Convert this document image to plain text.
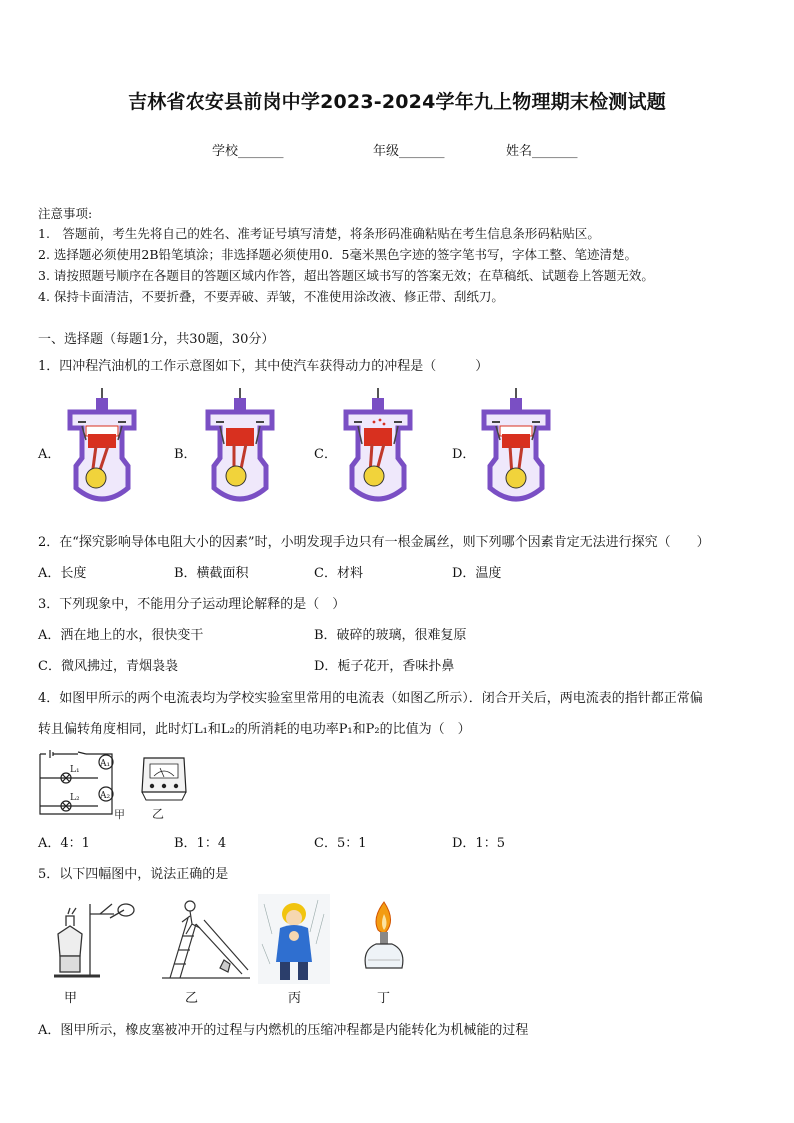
吉林省农安县前岗中学2023-2024学年九上物理期末检测试题
学校_______	年级_______	姓名_______
注意事项:
1.　答题前，考生先将自己的姓名、准考证号填写清楚，将条形码准确粘贴在考生信息条形码粘贴区。
2. 选择题必须使用2B铅笔填涂；非选择题必须使用0．5毫米黑色字迹的签字笔书写，字体工整、笔迹清楚。
3. 请按照题号顺序在各题目的答题区域内作答，超出答题区域书写的答案无效；在草稿纸、试题卷上答题无效。
4. 保持卡面清洁，不要折叠，不要弄破、弄皱，不准使用涂改液、修正带、刮纸刀。
一、选择题（每题1分，共30题，30分）
1．四冲程汽油机的工作示意图如下，其中使汽车获得动力的冲程是（　　　）
A．	B．	C．	D．
2．在“探究影响导体电阻大小的因素”时，小明发现手边只有一根金属丝，则下列哪个因素肯定无法进行探究（　　）
A．长度	B．横截面积	C．材料	D．温度
3．下列现象中，不能用分子运动理论解释的是（　）
A．洒在地上的水，很快变干	B．破碎的玻璃，很难复原
C．微风拂过，青烟袅袅	D．栀子花开，香味扑鼻
4．如图甲所示的两个电流表均为学校实验室里常用的电流表（如图乙所示）．闭合开关后，两电流表的指针都正常偏
转且偏转角度相同，此时灯L₁和L₂的所消耗的电功率P₁和P₂的比值为（　）
A₁
A₂
L₁
L₂
甲 乙
A．4：1	B．1：4	C．5：1	D．1：5
5．以下四幅图中，说法正确的是
甲	乙	丙	丁
A．图甲所示，橡皮塞被冲开的过程与内燃机的压缩冲程都是内能转化为机械能的过程
